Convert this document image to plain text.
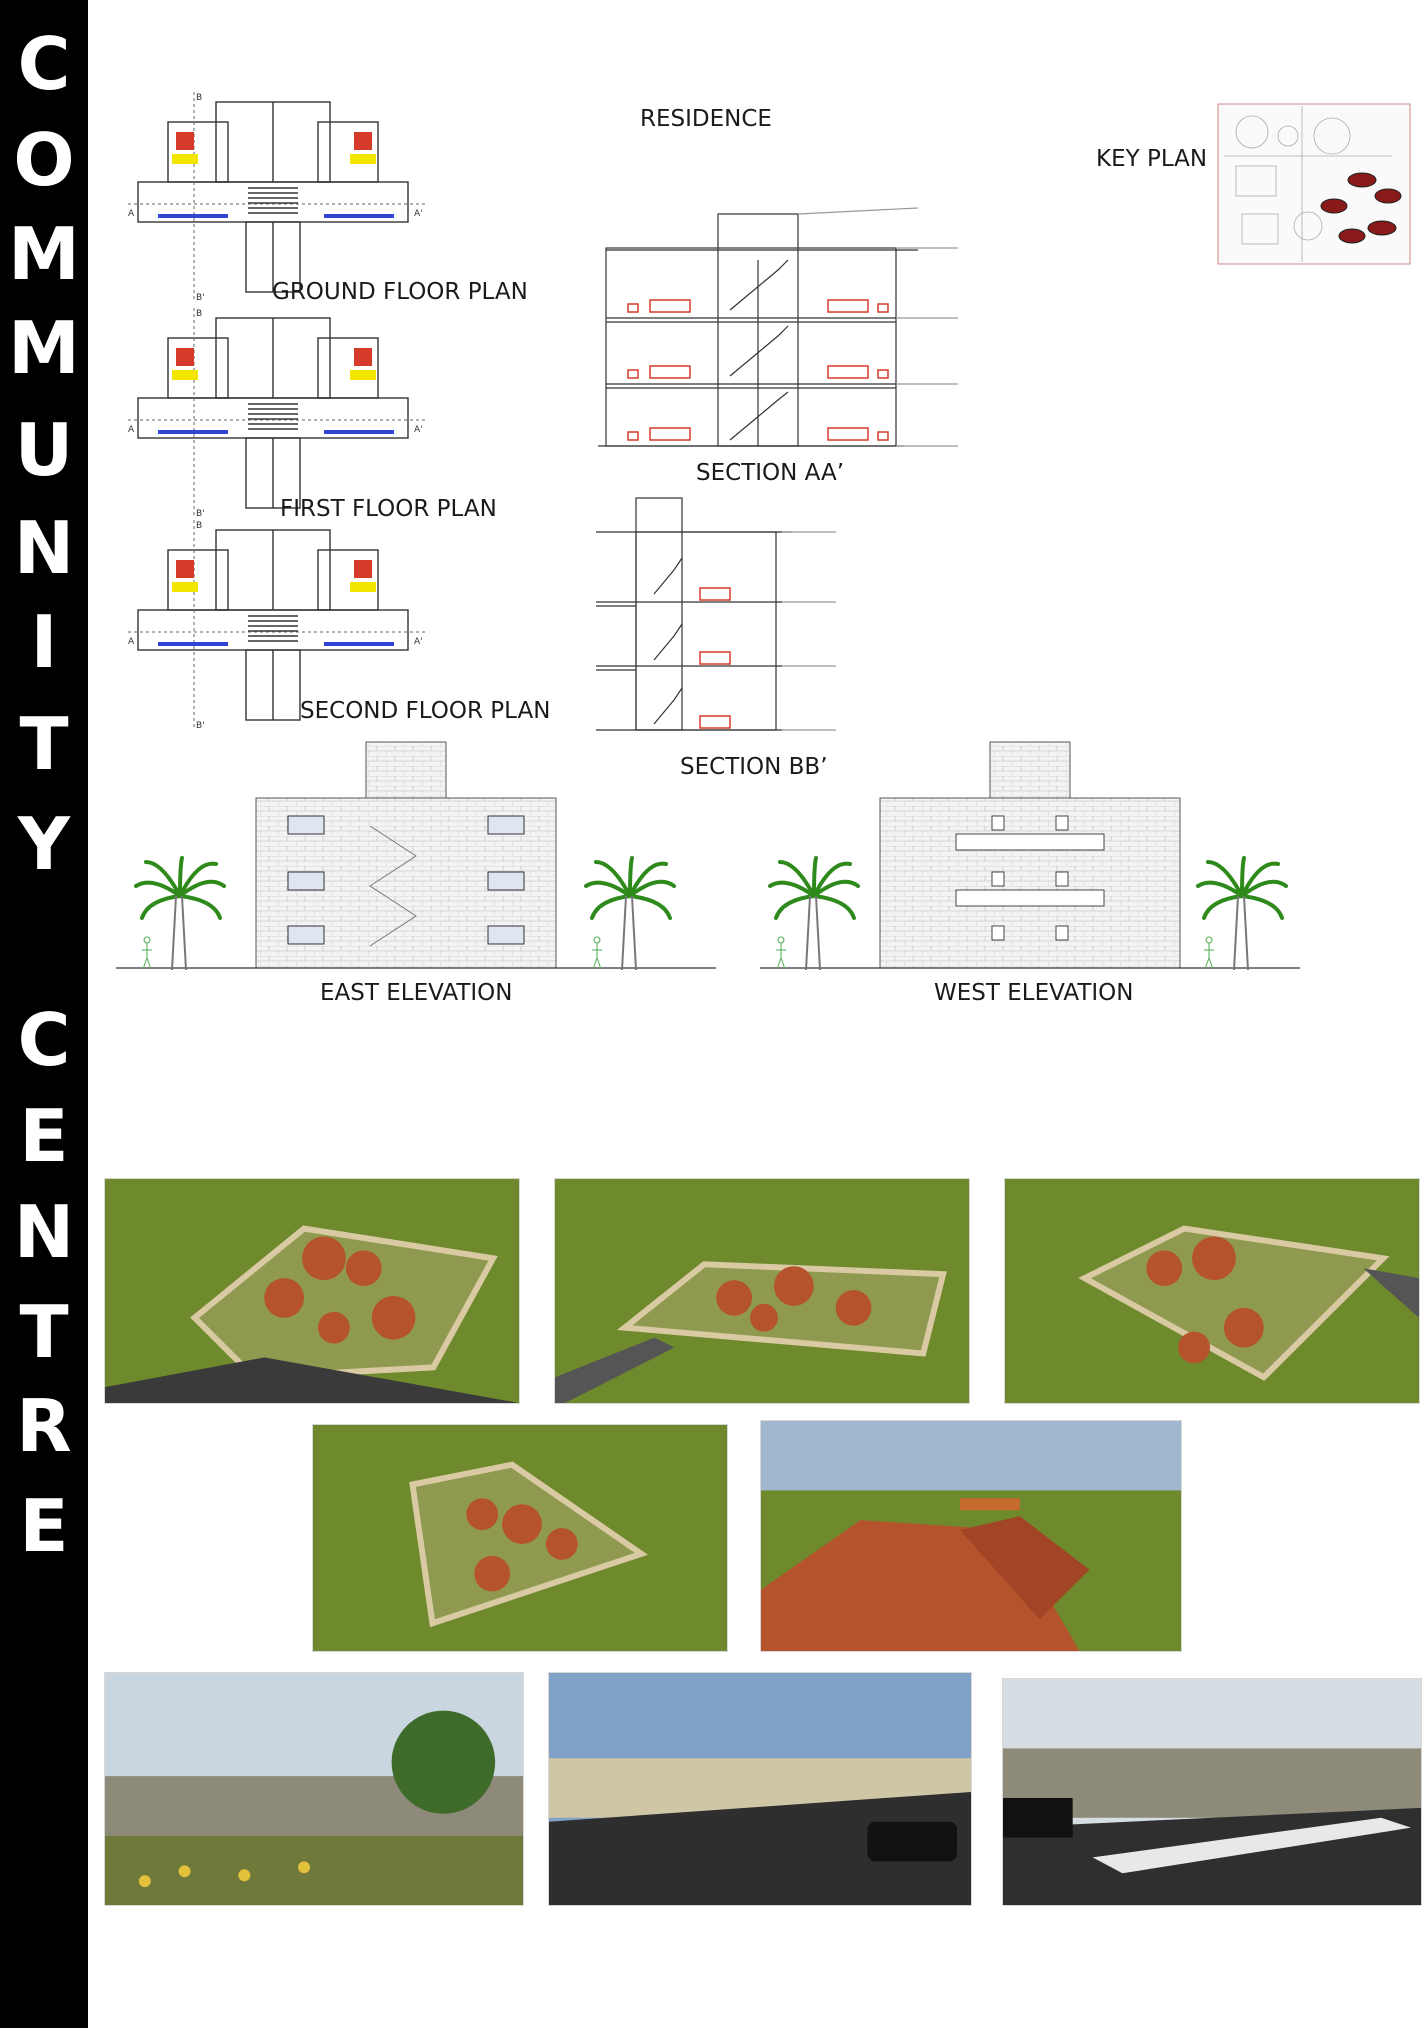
C
O
M
M
U
N
I
T
Y
C
E
N
T
R
E
B
B'
A	A'
B
B'
A	A'
B
B'
A	A'
GROUND FLOOR PLAN
FIRST FLOOR PLAN
SECOND FLOOR PLAN
RESIDENCE
SECTION AA’
SECTION BB’
KEY PLAN
EAST ELEVATION	WEST ELEVATION
